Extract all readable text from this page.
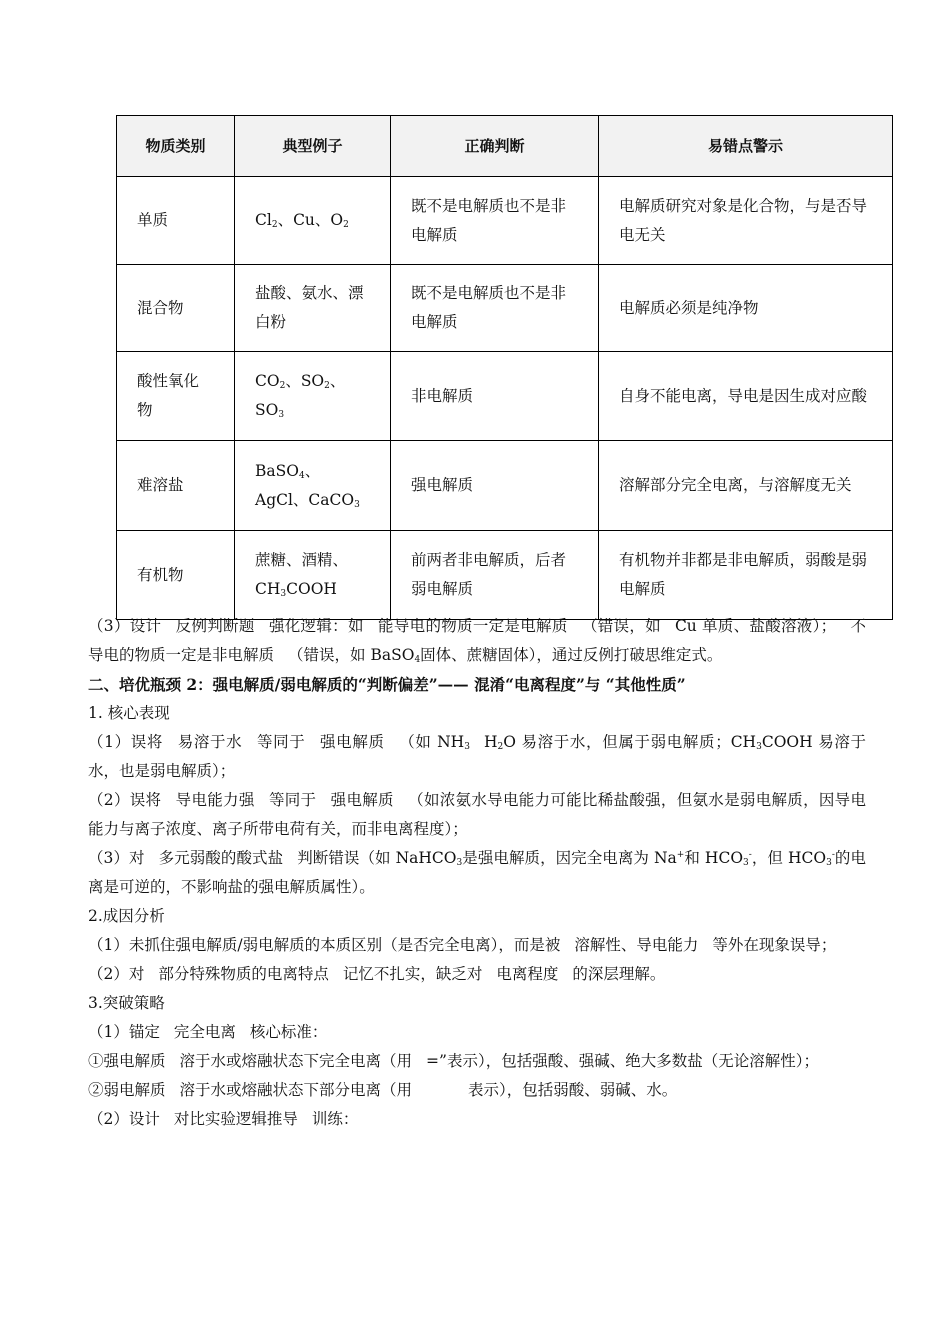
物质类别	典型例子	正确判断	易错点警示
单质	$Cl_2$、Cu、$O_2$	既不是电解质也不是非电解质	电解质研究对象是化合物，与是否导电无关
混合物	盐酸、氨水、漂白粉	既不是电解质也不是非电解质	电解质必须是纯净物
酸性氧化物	$CO_2$、$SO_2$、$SO_3$	非电解质	自身不能电离，导电是因生成对应酸
难溶盐	BaSO$_4$、AgCl、CaCO$_3$	强电解质	溶解部分完全电离，与溶解度无关
有机物	蔗糖、酒精、$CH_3COOH$	前两者非电解质，后者弱电解质	有机物并非都是非电解质，弱酸是弱电解质

（3）设计 反例判断题 强化逻辑：如 能导电的物质一定是电解质 （错误，如 Cu 单质、盐酸溶液）； 不导电的物质一定是非电解质 （错误，如 BaSO$_4$固体、蔗糖固体），通过反例打破思维定式。

二、培优瓶颈 2：强电解质/弱电解质的“判断偏差”—— 混淆“电离程度”与 “其他性质”

1. 核心表现

（1）误将 易溶于水 等同于 强电解质 （如 $NH_3$ $H_2O$ 易溶于水，但属于弱电解质；$CH_3COOH$ 易溶于水，也是弱电解质）；

（2）误将 导电能力强 等同于 强电解质 （如浓氨水导电能力可能比稀盐酸强，但氨水是弱电解质，因导电能力与离子浓度、离子所带电荷有关，而非电离程度）；

（3）对 多元弱酸的酸式盐 判断错误（如 NaHCO$_3$是强电解质，因完全电离为 Na+和 $HCO_3^-$，但 $HCO_3^-$的电离是可逆的，不影响盐的强电解质属性）。

2.成因分析

（1）未抓住强电解质/弱电解质的本质区别（是否完全电离），而是被 溶解性、导电能力 等外在现象误导；

（2）对 部分特殊物质的电离特点 记忆不扎实，缺乏对 电离程度 的深层理解。

3.突破策略

（1）锚定 完全电离 核心标准：

①强电解质 溶于水或熔融状态下完全电离（用 =”表示），包括强酸、强碱、绝大多数盐（无论溶解性）；

②弱电解质 溶于水或熔融状态下部分电离（用	表示），包括弱酸、弱碱、水。

（2）设计 对比实验逻辑推导 训练：
